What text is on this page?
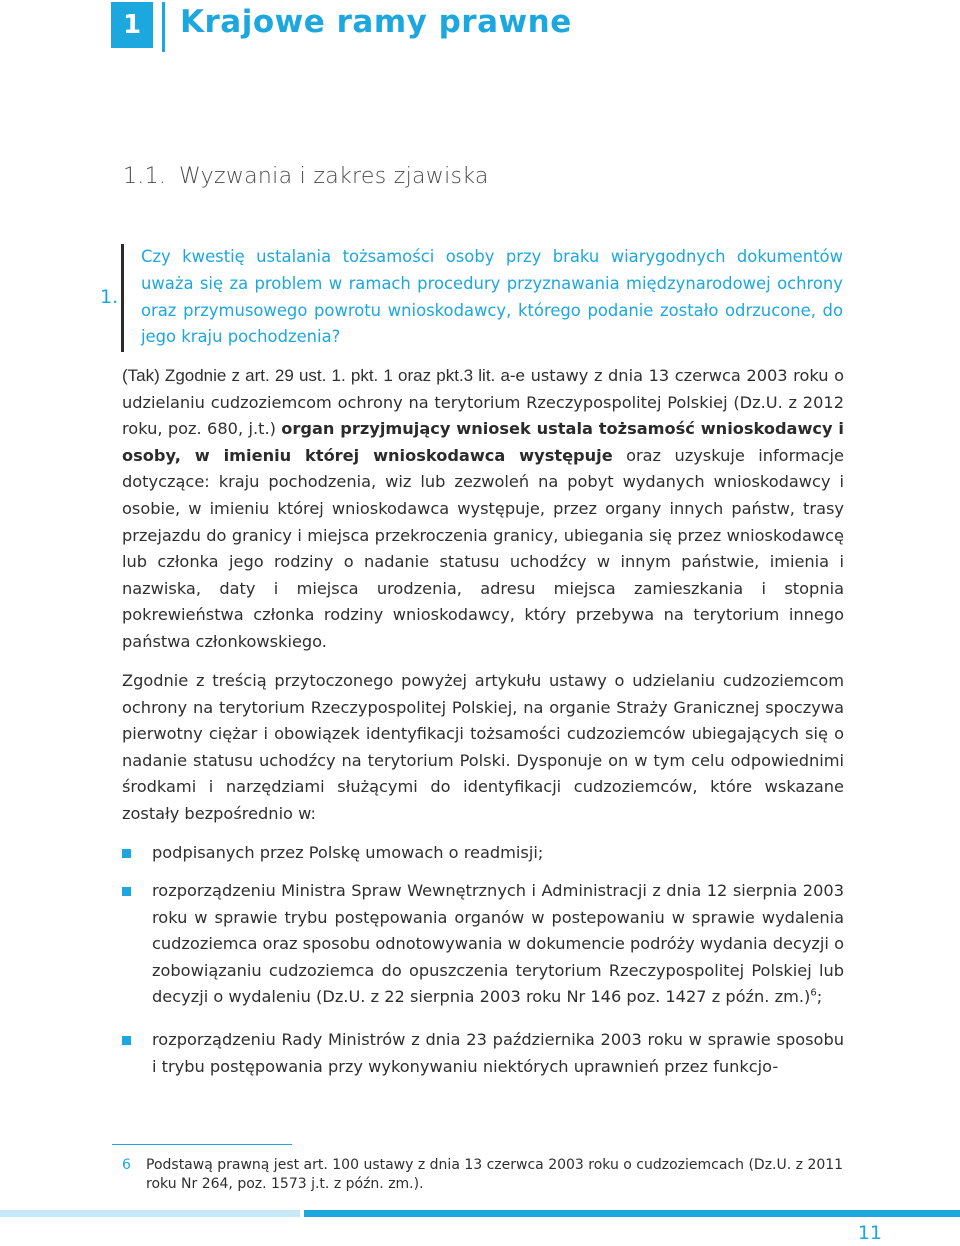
1	Krajowe ramy prawne
1.1. Wyzwania i zakres zjawiska
1.

Czy kwestię ustalania tożsamości osoby przy braku wiarygodnych dokumentów uważa się za problem w ramach procedury przyznawania międzynarodowej ochrony oraz przymusowego powrotu wnioskodawcy, którego podanie zostało odrzucone, do jego kraju pochodzenia?

(Tak) Zgodnie z art. 29 ust. 1. pkt. 1 oraz pkt.3 lit. a-e ustawy z dnia 13 czerwca 2003 roku o udzielaniu cudzoziemcom ochrony na terytorium Rzeczypospolitej Polskiej (Dz.U. z 2012 roku, poz. 680, j.t.) organ przyjmujący wniosek ustala tożsamość wnioskodawcy i osoby, w imieniu której wnioskodawca występuje oraz uzyskuje informacje dotyczące: kraju pochodzenia, wiz lub zezwoleń na pobyt wydanych wnioskodawcy i osobie, w imieniu której wnioskodawca występuje, przez organy innych państw, trasy przejazdu do granicy i miejsca przekroczenia granicy, ubiegania się przez wnioskodawcę lub członka jego rodziny o nadanie statusu uchodźcy w innym państwie, imienia i nazwiska, daty i miejsca urodzenia, adresu miejsca zamieszkania i stopnia pokrewieństwa członka rodziny wnioskodawcy, który przebywa na terytorium innego państwa członkowskiego.

Zgodnie z treścią przytoczonego powyżej artykułu ustawy o udzielaniu cudzoziemcom ochrony na terytorium Rzeczypospolitej Polskiej, na organie Straży Granicznej spoczywa pierwotny ciężar i obowiązek identyfikacji tożsamości cudzoziemców ubiegających się o nadanie statusu uchodźcy na terytorium Polski. Dysponuje on w tym celu odpowiednimi środkami i narzędziami służącymi do identyfikacji cudzoziemców, które wskazane zostały bezpośrednio w:

podpisanych przez Polskę umowach o readmisji;
rozporządzeniu Ministra Spraw Wewnętrznych i Administracji z dnia 12 sierpnia 2003 roku w sprawie trybu postępowania organów w postepowaniu w sprawie wydalenia cudzoziemca oraz sposobu odnotowywania w dokumencie podróży wydania decyzji o zobowiązaniu cudzoziemca do opuszczenia terytorium Rzeczypospolitej Polskiej lub decyzji o wydaleniu (Dz.U. z 22 sierpnia 2003 roku Nr 146 poz. 1427 z późn. zm.)$^6$;
rozporządzeniu Rady Ministrów z dnia 23 października 2003 roku w sprawie sposobu i trybu postępowania przy wykonywaniu niektórych uprawnień przez funkcjo-
6 Podstawą prawną jest art. 100 ustawy z dnia 13 czerwca 2003 roku o cudzoziemcach (Dz.U. z 2011 roku Nr 264, poz. 1573 j.t. z późn. zm.).
11
